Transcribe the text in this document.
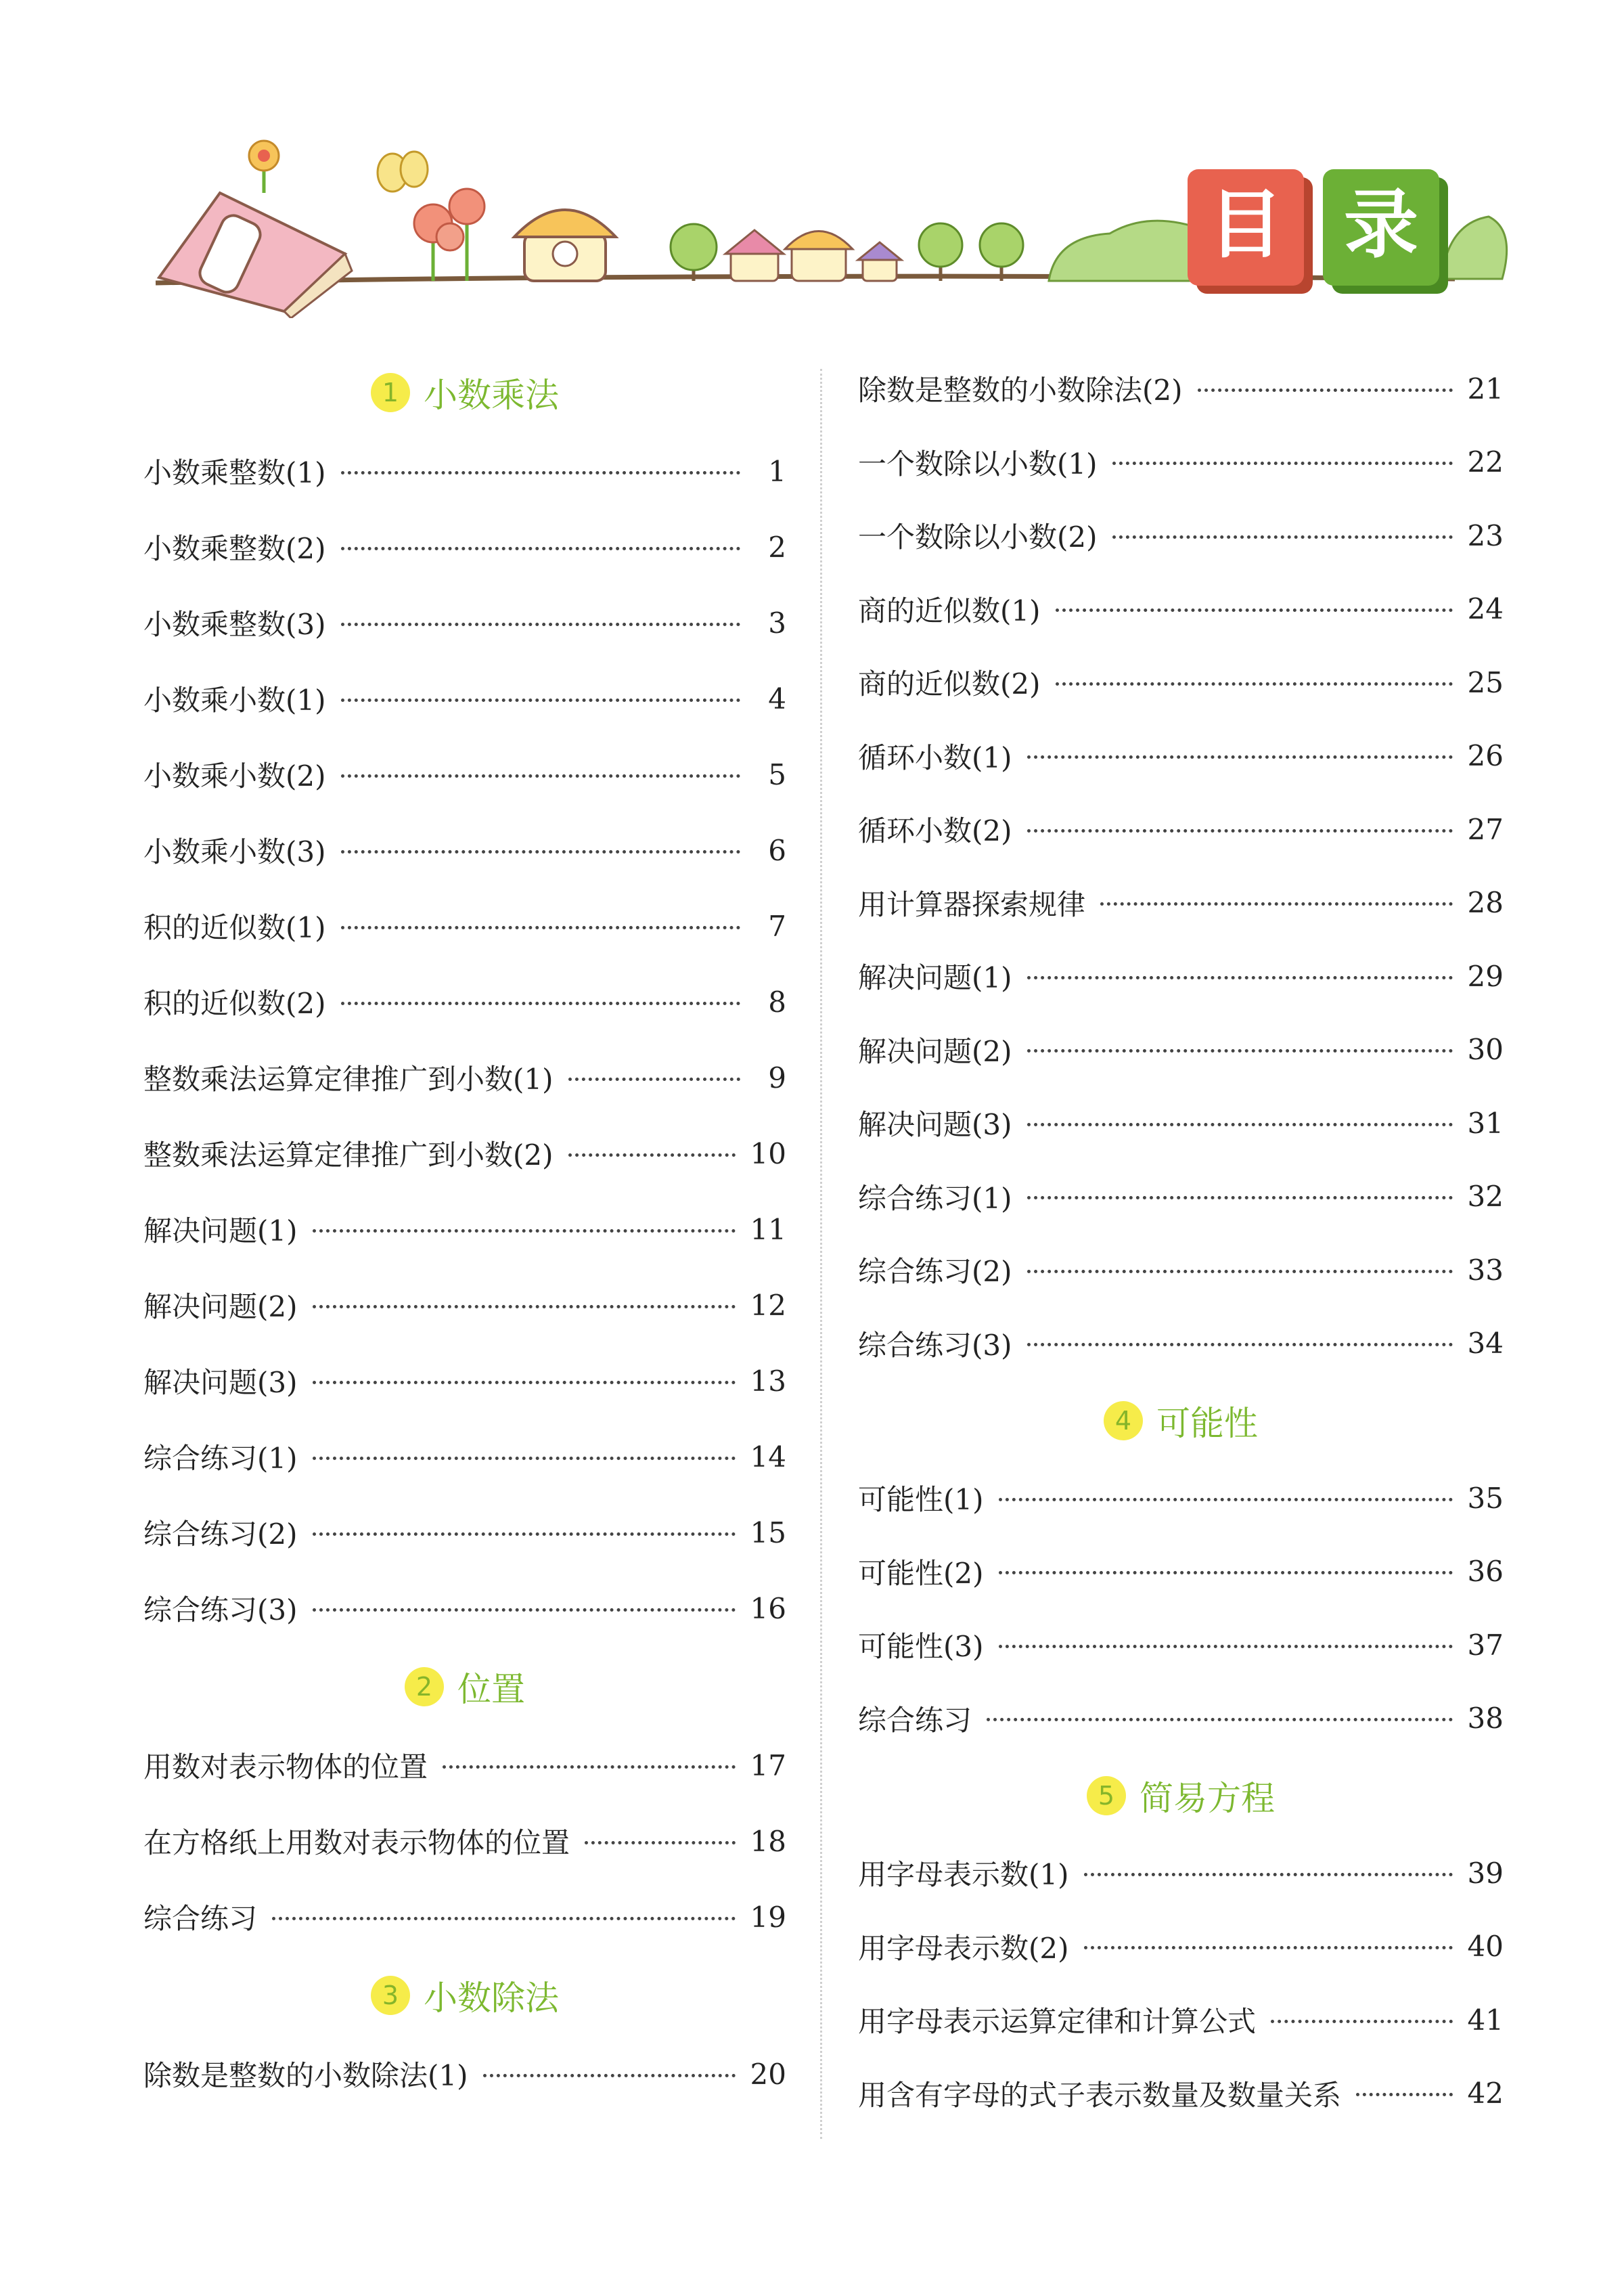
目 录
1 小数乘法
小数乘整数(1)	1
小数乘整数(2)	2
小数乘整数(3)	3
小数乘小数(1)	4
小数乘小数(2)	5
小数乘小数(3)	6
积的近似数(1)	7
积的近似数(2)	8
整数乘法运算定律推广到小数(1)	9
整数乘法运算定律推广到小数(2)	10
解决问题(1)	11
解决问题(2)	12
解决问题(3)	13
综合练习(1)	14
综合练习(2)	15
综合练习(3)	16
2 位置
用数对表示物体的位置	17
在方格纸上用数对表示物体的位置	18
综合练习	19
3 小数除法
除数是整数的小数除法(1)	20
除数是整数的小数除法(2)	21
一个数除以小数(1)	22
一个数除以小数(2)	23
商的近似数(1)	24
商的近似数(2)	25
循环小数(1)	26
循环小数(2)	27
用计算器探索规律	28
解决问题(1)	29
解决问题(2)	30
解决问题(3)	31
综合练习(1)	32
综合练习(2)	33
综合练习(3)	34
4 可能性
可能性(1)	35
可能性(2)	36
可能性(3)	37
综合练习	38
5 简易方程
用字母表示数(1)	39
用字母表示数(2)	40
用字母表示运算定律和计算公式	41
用含有字母的式子表示数量及数量关系	42
